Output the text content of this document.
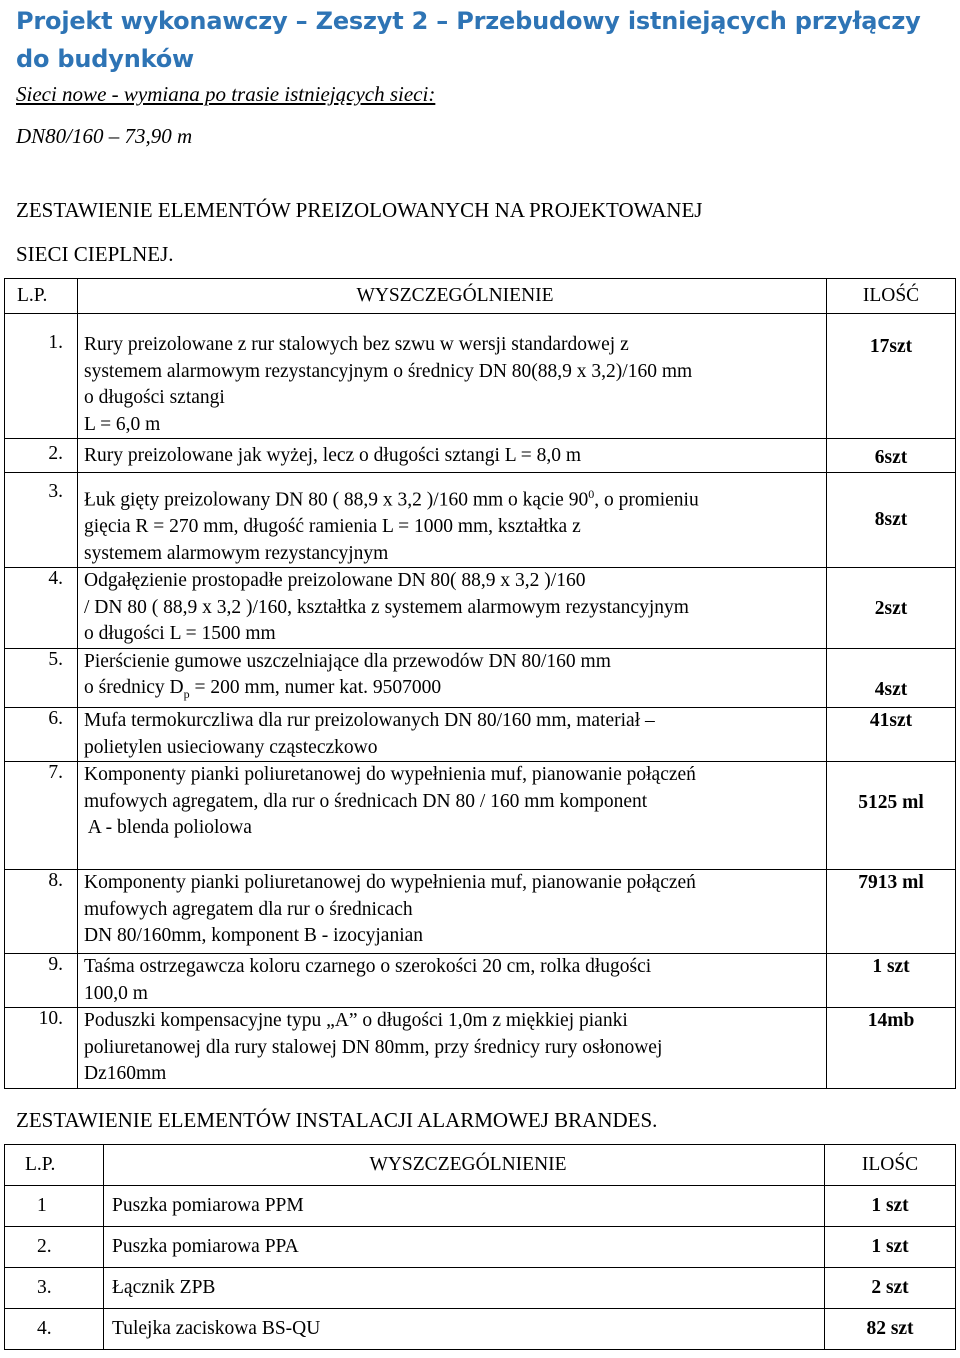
Projekt wykonawczy – Zeszyt 2 – Przebudowy istniejących przyłączy do budynków
Sieci nowe - wymiana po trasie istniejących sieci:
DN80/160 – 73,90 m
ZESTAWIENIE ELEMENTÓW PREIZOLOWANYCH NA PROJEKTOWANEJ
SIECI CIEPLNEJ.
L.P.	WYSZCZEGÓLNIENIE	ILOŚĆ
1.	Rury preizolowane z rur stalowych bez szwu w wersji standardowej z
systemem alarmowym rezystancyjnym o średnicy DN 80(88,9 x 3,2)/160 mm
o długości sztangi
L = 6,0 m	17szt
2.	Rury preizolowane jak wyżej, lecz o długości sztangi L = 8,0 m	6szt
3.	Łuk gięty preizolowany DN 80 ( 88,9 x 3,2 )/160 mm o kącie $90^0$, o promieniu
gięcia R = 270 mm, długość ramienia L = 1000 mm, kształtka z
systemem alarmowym rezystancyjnym	8szt
4.	Odgałęzienie prostopadłe preizolowane DN 80( 88,9 x 3,2 )/160
/ DN 80 ( 88,9 x 3,2 )/160, kształtka z systemem alarmowym rezystancyjnym
o długości L = 1500 mm	2szt
5.	Pierścienie gumowe uszczelniające dla przewodów DN 80/160 mm
o średnicy $D_p = 200$ mm, numer kat. 9507000	4szt
6.	Mufa termokurczliwa dla rur preizolowanych DN 80/160 mm, materiał –
polietylen usieciowany cząsteczkowo	41szt
7.	Komponenty pianki poliuretanowej do wypełnienia muf, pianowanie połączeń
mufowych agregatem, dla rur o średnicach DN 80 / 160 mm komponent
A - blenda poliolowa	5125 ml
8.	Komponenty pianki poliuretanowej do wypełnienia muf, pianowanie połączeń
mufowych agregatem dla rur o średnicach
DN 80/160mm, komponent B - izocyjanian	7913 ml
9.	Taśma ostrzegawcza koloru czarnego o szerokości 20 cm, rolka długości
100,0 m	1 szt
10.	Poduszki kompensacyjne typu „A” o długości 1,0m z miękkiej pianki
poliuretanowej dla rury stalowej DN 80mm, przy średnicy rury osłonowej
Dz160mm	14mb
ZESTAWIENIE ELEMENTÓW INSTALACJI ALARMOWEJ BRANDES.
L.P.	WYSZCZEGÓLNIENIE	ILOŚC
1	Puszka pomiarowa PPM	1 szt
2.	Puszka pomiarowa PPA	1 szt
3.	Łącznik ZPB	2 szt
4.	Tulejka zaciskowa BS-QU	82 szt
